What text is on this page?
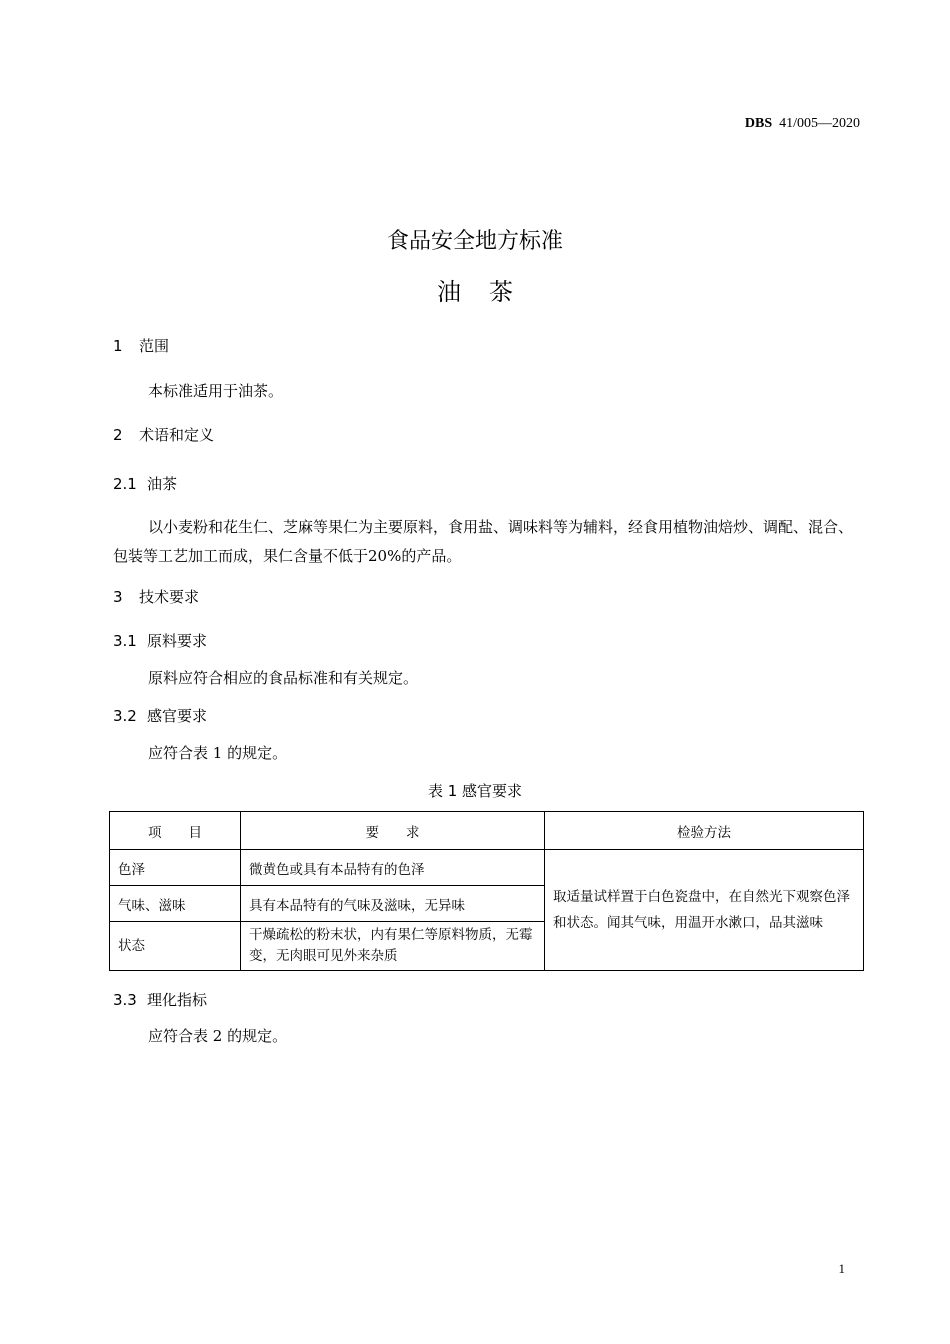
DBS 41/005—2020
食品安全地方标准
油茶
1 范围
本标准适用于油茶。
2 术语和定义
2.1 油茶
以小麦粉和花生仁、芝麻等果仁为主要原料，食用盐、调味料等为辅料，经食用植物油焙炒、调配、混合、包装等工艺加工而成，果仁含量不低于20%的产品。
3 技术要求
3.1 原料要求
原料应符合相应的食品标准和有关规定。
3.2 感官要求
应符合表 1 的规定。
表 1 感官要求
项　　目	要　　求	检验方法
色泽	微黄色或具有本品特有的色泽	取适量试样置于白色瓷盘中，在自然光下观察色泽和状态。闻其气味，用温开水漱口，品其滋味
气味、滋味	具有本品特有的气味及滋味，无异味	
状态	干燥疏松的粉末状，内有果仁等原料物质，无霉变，无肉眼可见外来杂质	
3.3 理化指标
应符合表 2 的规定。
1
